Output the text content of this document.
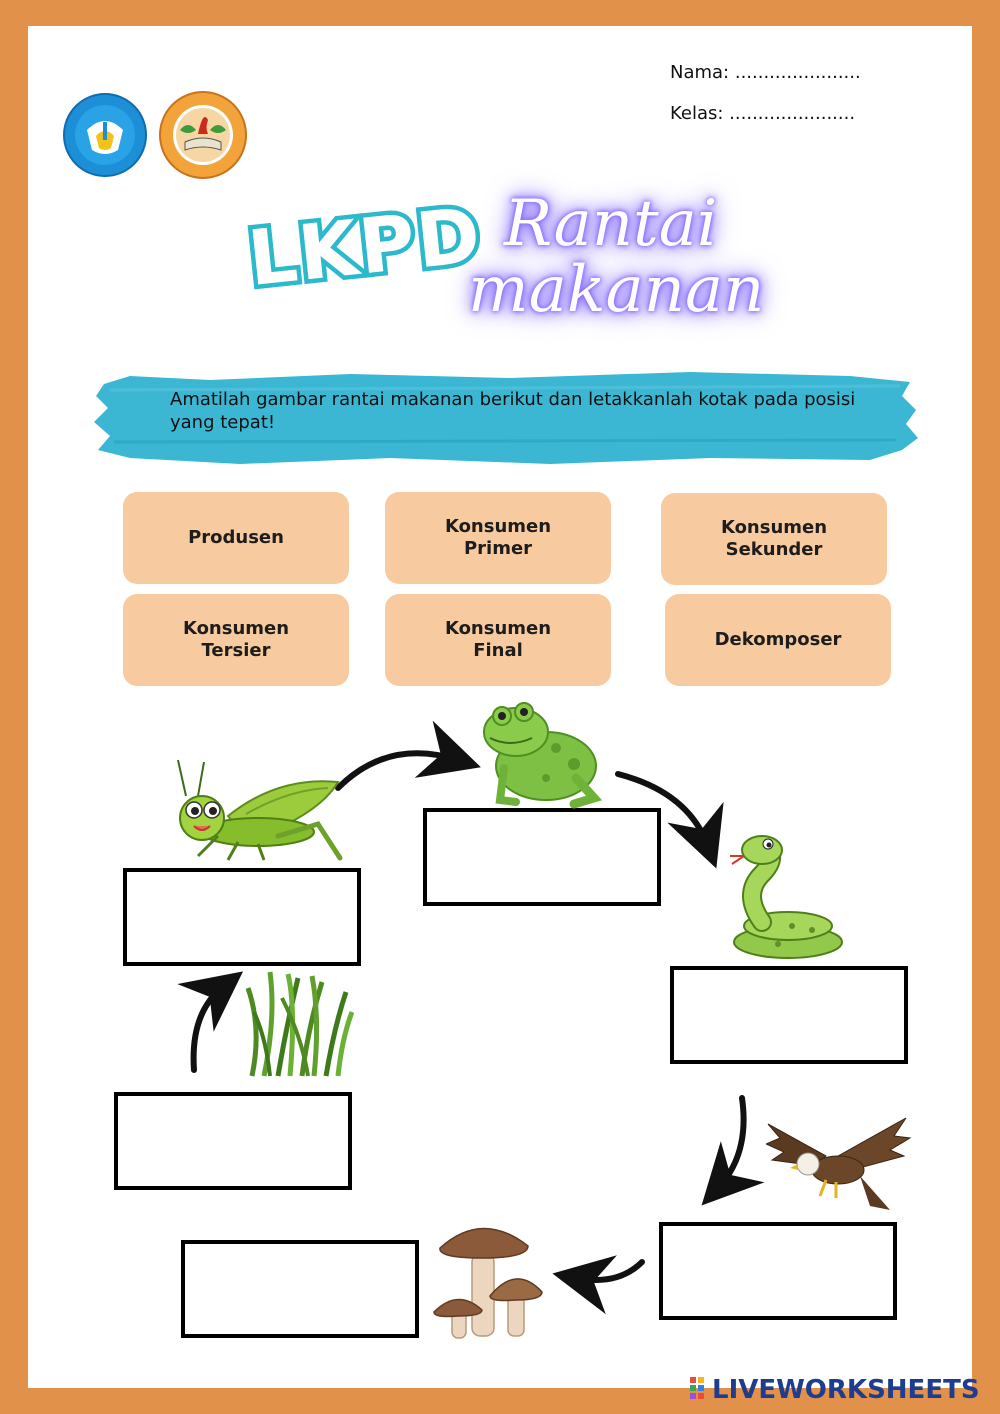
Nama: ......................
Kelas: ......................
LKPD Rantai
makanan
Amatilah gambar rantai makanan berikut dan letakkanlah kotak pada posisi yang tepat!
Produsen
Konsumen Primer
Konsumen Sekunder
Konsumen Tersier
Konsumen Final
Dekomposer
LIVEWORKSHEETS
